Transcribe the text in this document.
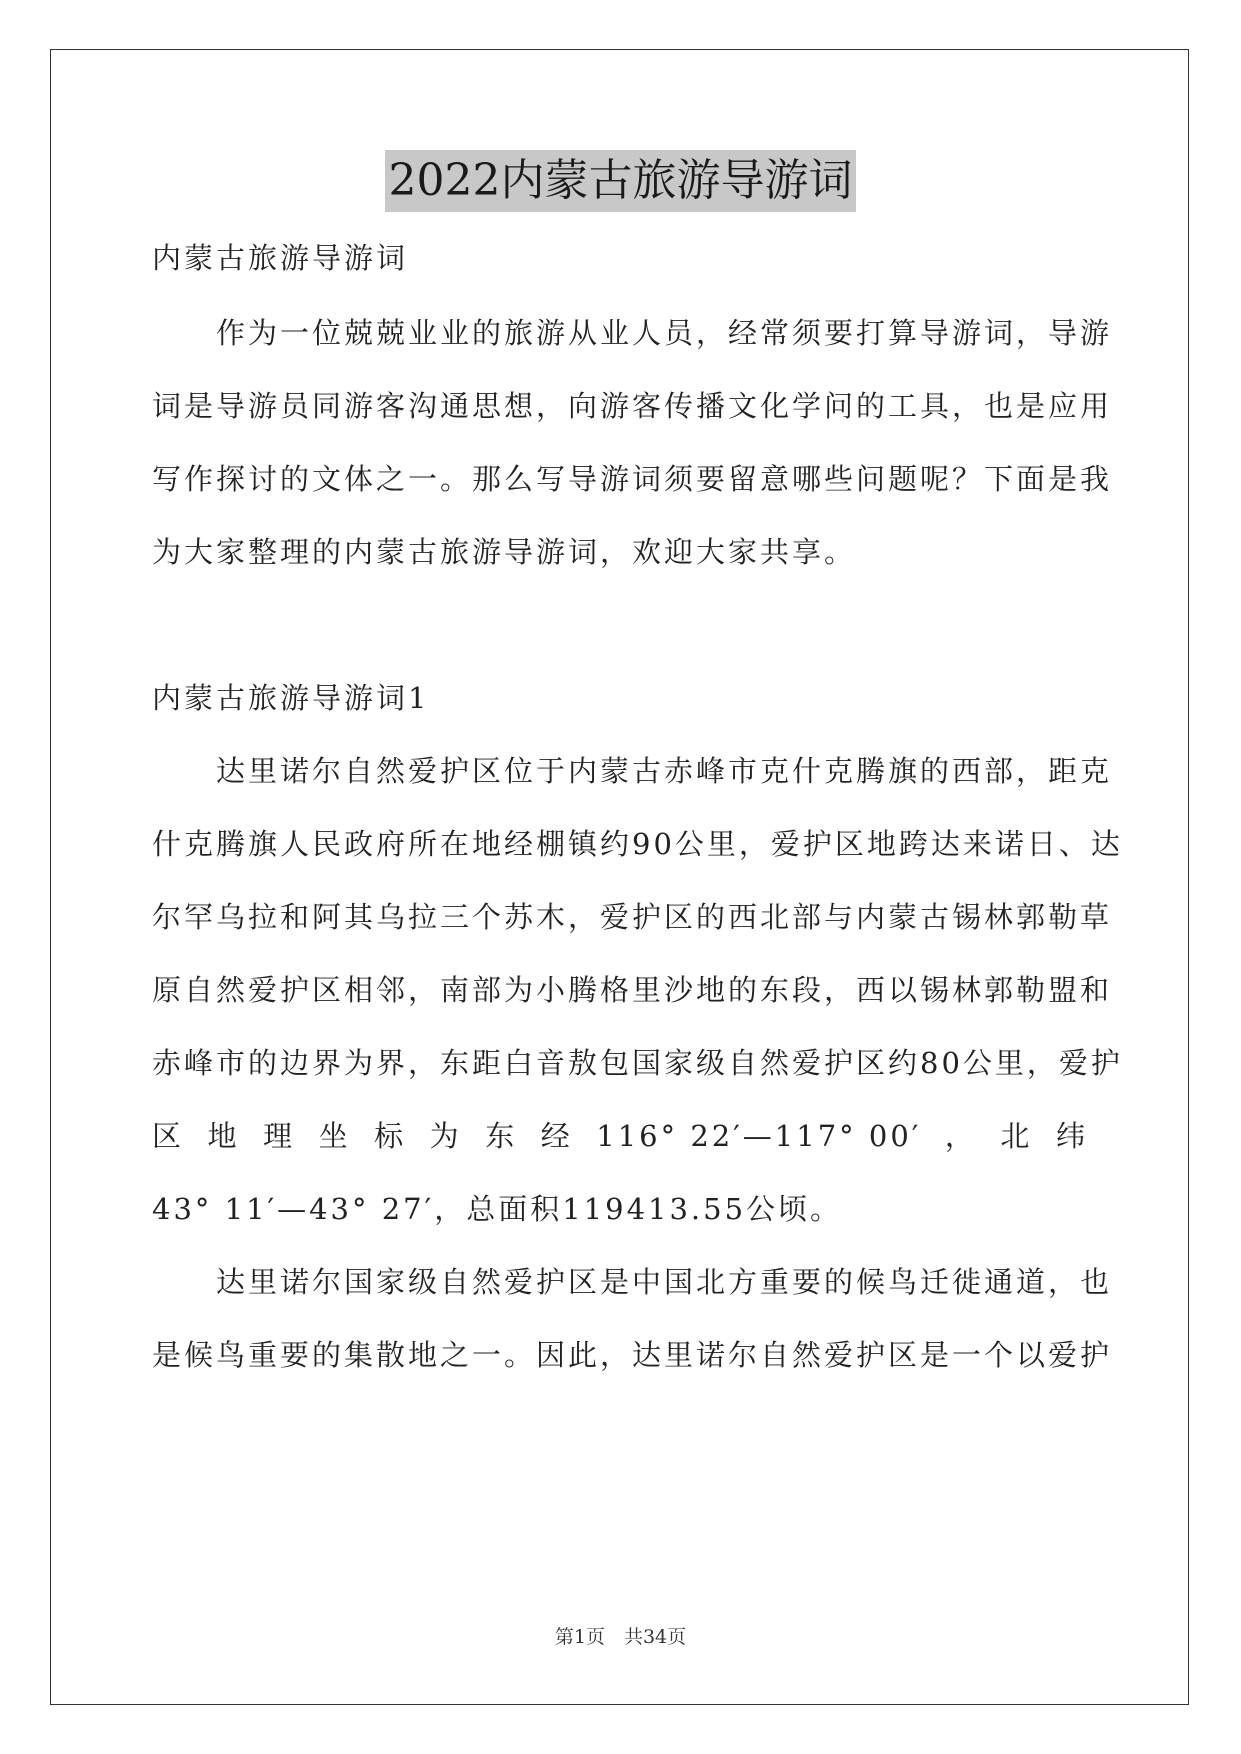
2022内蒙古旅游导游词
内蒙古旅游导游词
　　作为一位兢兢业业的旅游从业人员，经常须要打算导游词，导游
词是导游员同游客沟通思想，向游客传播文化学问的工具，也是应用
写作探讨的文体之一。那么写导游词须要留意哪些问题呢？下面是我
为大家整理的内蒙古旅游导游词，欢迎大家共享。
内蒙古旅游导游词1
　　达里诺尔自然爱护区位于内蒙古赤峰市克什克腾旗的西部，距克
什克腾旗人民政府所在地经棚镇约90公里，爱护区地跨达来诺日、达
尔罕乌拉和阿其乌拉三个苏木，爱护区的西北部与内蒙古锡林郭勒草
原自然爱护区相邻，南部为小腾格里沙地的东段，西以锡林郭勒盟和
赤峰市的边界为界，东距白音敖包国家级自然爱护区约80公里，爱护
区 地 理 坐 标 为 东 经 116° 22′—117° 00′ ， 北 纬
43° 11′—43° 27′，总面积119413.55公顷。
　　达里诺尔国家级自然爱护区是中国北方重要的候鸟迁徙通道，也
是候鸟重要的集散地之一。因此，达里诺尔自然爱护区是一个以爱护
第1页　共34页
